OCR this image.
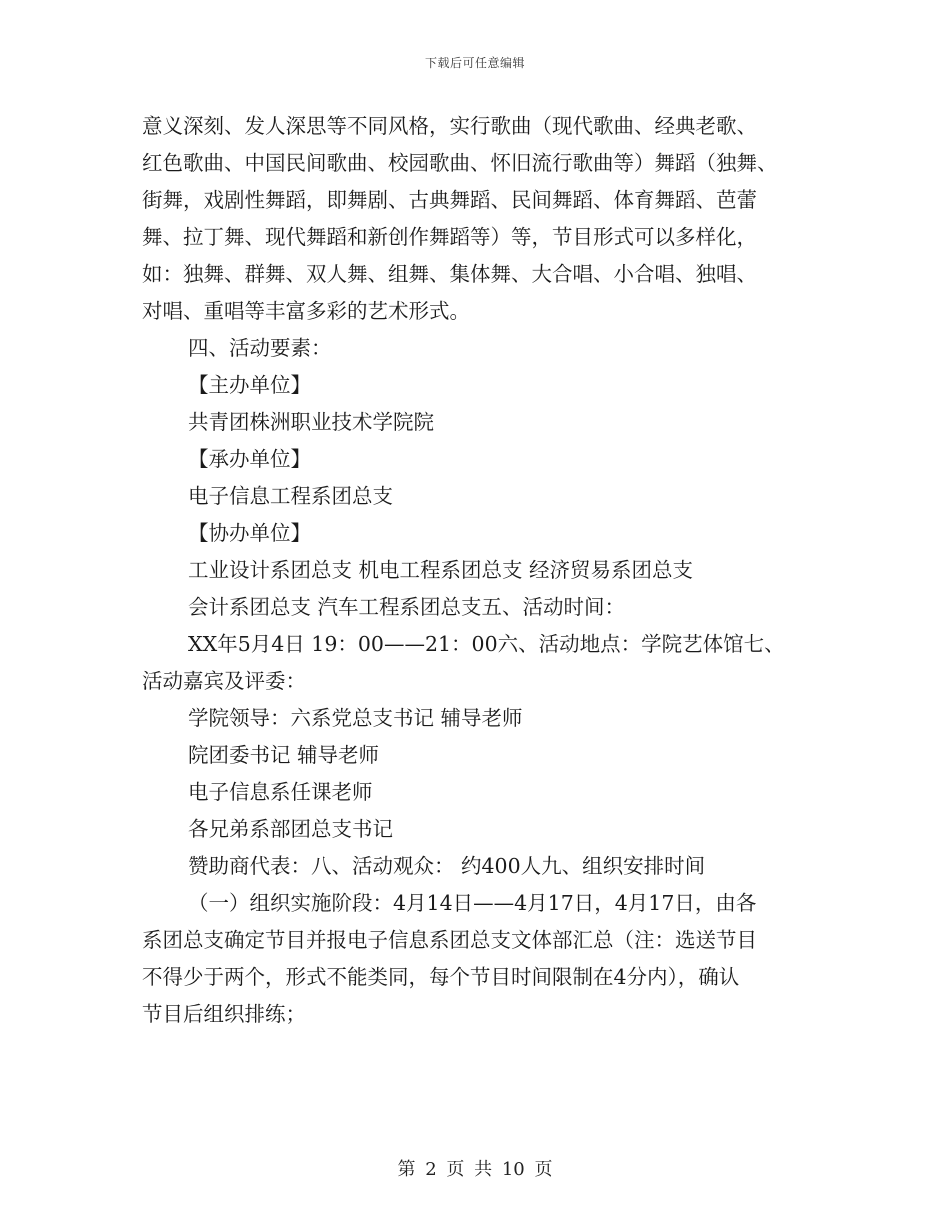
下载后可任意编辑

意义深刻、发人深思等不同风格，实行歌曲（现代歌曲、经典老歌、

红色歌曲、中国民间歌曲、校园歌曲、怀旧流行歌曲等）舞蹈（独舞、

街舞，戏剧性舞蹈，即舞剧、古典舞蹈、民间舞蹈、体育舞蹈、芭蕾

舞、拉丁舞、现代舞蹈和新创作舞蹈等）等，节目形式可以多样化，

如：独舞、群舞、双人舞、组舞、集体舞、大合唱、小合唱、独唱、

对唱、重唱等丰富多彩的艺术形式。

四、活动要素：

【主办单位】

共青团株洲职业技术学院院

【承办单位】

电子信息工程系团总支

【协办单位】

工业设计系团总支 机电工程系团总支 经济贸易系团总支

会计系团总支 汽车工程系团总支五、活动时间：

XX年5月4日 19：00——21：00六、活动地点：学院艺体馆七、

活动嘉宾及评委：

学院领导：六系党总支书记 辅导老师

院团委书记 辅导老师

电子信息系任课老师

各兄弟系部团总支书记

赞助商代表：八、活动观众： 约400人九、组织安排时间

（一）组织实施阶段：4月14日——4月17日，4月17日，由各

系团总支确定节目并报电子信息系团总支文体部汇总（注：选送节目

不得少于两个，形式不能类同，每个节目时间限制在4分内），确认

节目后组织排练；

第 2 页 共 10 页
